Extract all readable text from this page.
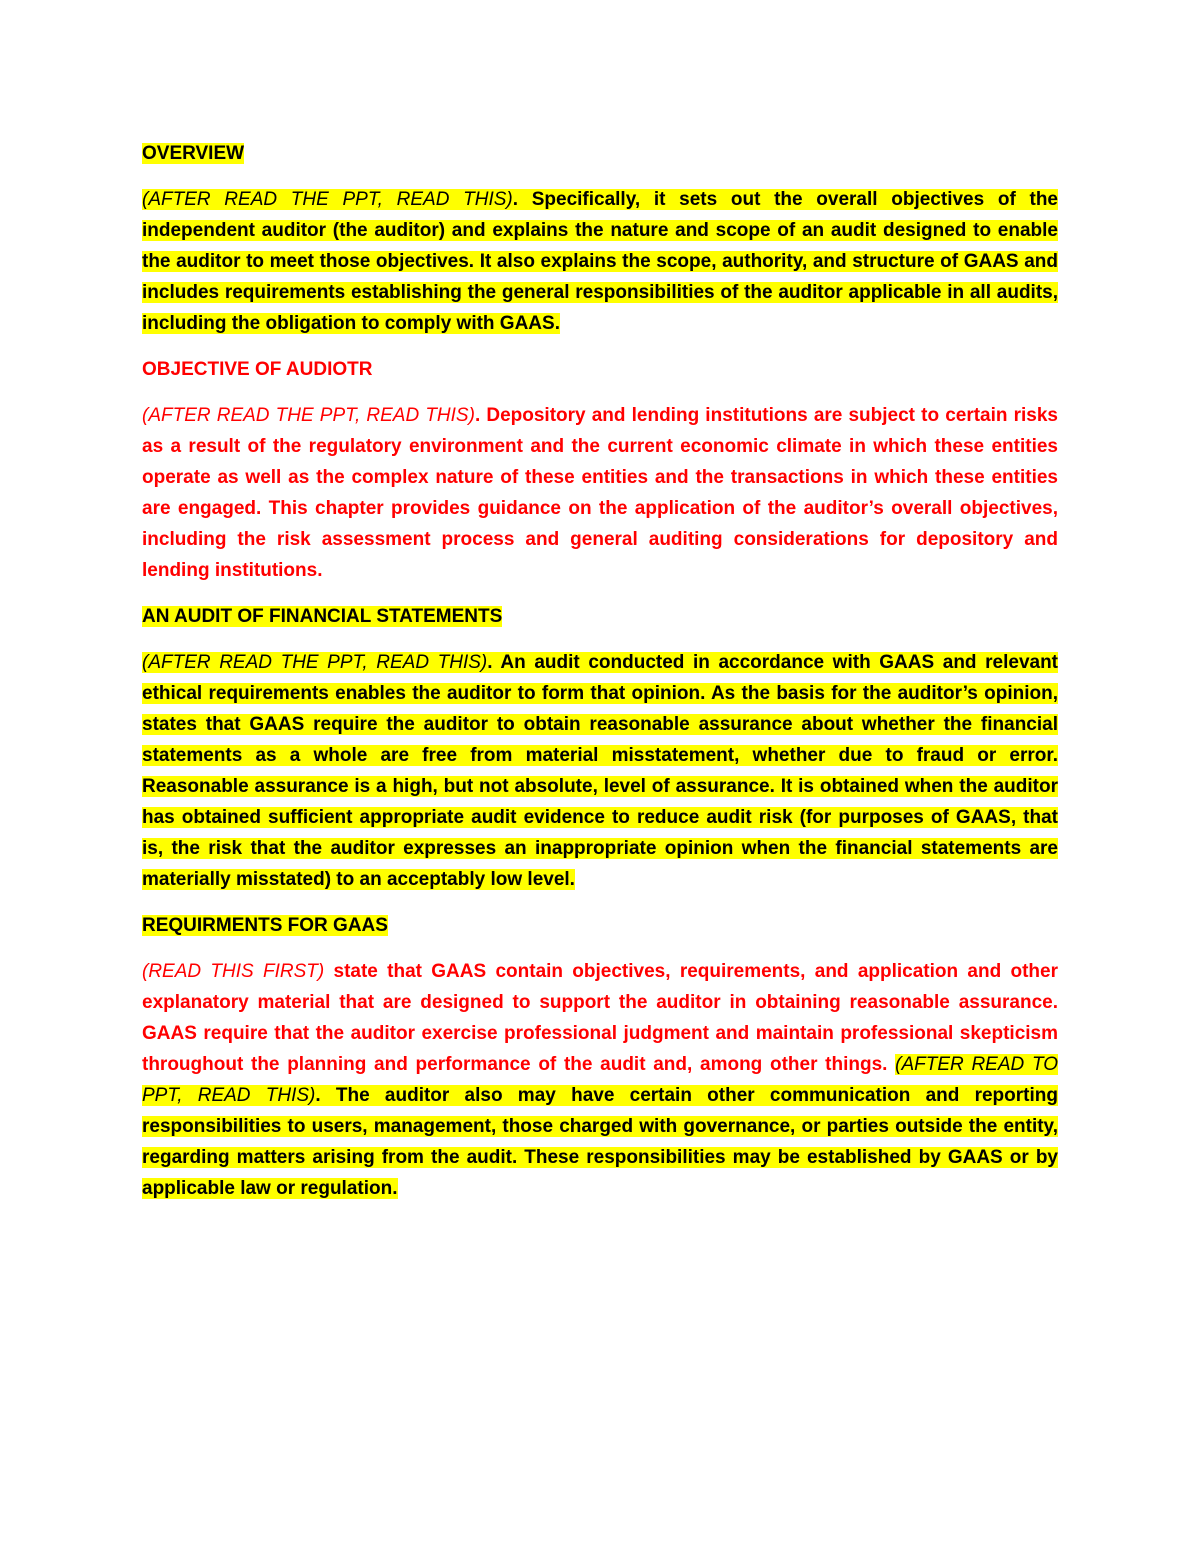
OVERVIEW
(AFTER READ THE PPT, READ THIS). Specifically, it sets out the overall objectives of the independent auditor (the auditor) and explains the nature and scope of an audit designed to enable the auditor to meet those objectives. It also explains the scope, authority, and structure of GAAS and includes requirements establishing the general responsibilities of the auditor applicable in all audits, including the obligation to comply with GAAS.
OBJECTIVE OF AUDIOTR
(AFTER READ THE PPT, READ THIS). Depository and lending institutions are subject to certain risks as a result of the regulatory environment and the current economic climate in which these entities operate as well as the complex nature of these entities and the transactions in which these entities are engaged. This chapter provides guidance on the application of the auditor’s overall objectives, including the risk assessment process and general auditing considerations for depository and lending institutions.
AN AUDIT OF FINANCIAL STATEMENTS
(AFTER READ THE PPT, READ THIS). An audit conducted in accordance with GAAS and relevant ethical requirements enables the auditor to form that opinion. As the basis for the auditor’s opinion, states that GAAS require the auditor to obtain reasonable assurance about whether the financial statements as a whole are free from material misstatement, whether due to fraud or error. Reasonable assurance is a high, but not absolute, level of assurance. It is obtained when the auditor has obtained sufficient appropriate audit evidence to reduce audit risk (for purposes of GAAS, that is, the risk that the auditor expresses an inappropriate opinion when the financial statements are materially misstated) to an acceptably low level.
REQUIRMENTS FOR GAAS
(READ THIS FIRST) state that GAAS contain objectives, requirements, and application and other explanatory material that are designed to support the auditor in obtaining reasonable assurance. GAAS require that the auditor exercise professional judgment and maintain professional skepticism throughout the planning and performance of the audit and, among other things. (AFTER READ TO PPT, READ THIS). The auditor also may have certain other communication and reporting responsibilities to users, management, those charged with governance, or parties outside the entity, regarding matters arising from the audit. These responsibilities may be established by GAAS or by applicable law or regulation.
